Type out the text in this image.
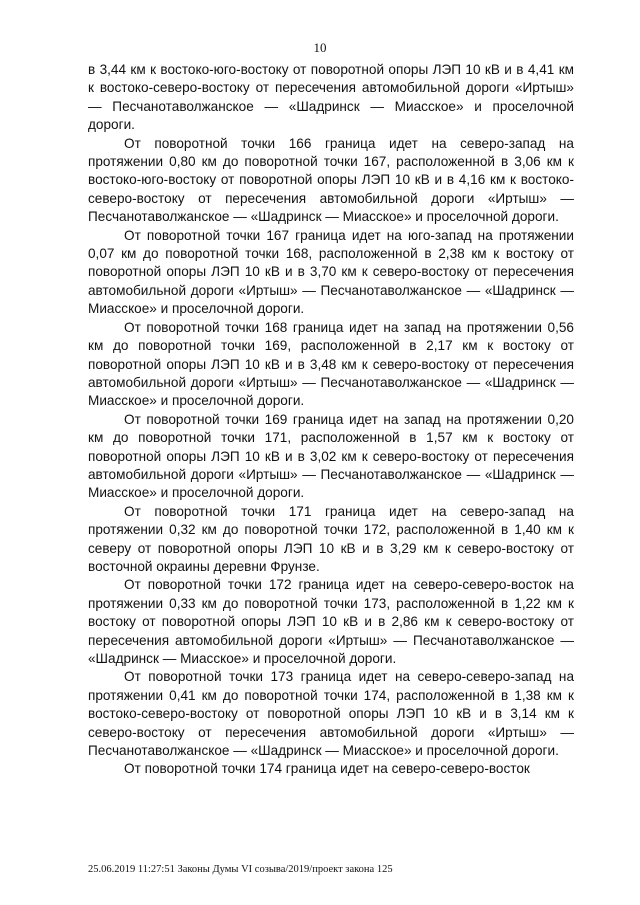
10

в 3,44 км к востоко-юго-востоку от поворотной опоры ЛЭП 10 кВ и в 4,41 км к востоко-северо-востоку от пересечения автомобильной дороги «Иртыш» — Песчанотаволжанское — «Шадринск — Миасское» и проселочной дороги.

От поворотной точки 166 граница идет на северо-запад на протяжении 0,80 км до поворотной точки 167, расположенной в 3,06 км к востоко-юго-востоку от поворотной опоры ЛЭП 10 кВ и в 4,16 км к востоко-северо-востоку от пересечения автомобильной дороги «Иртыш» — Песчанотаволжанское — «Шадринск — Миасское» и проселочной дороги.

От поворотной точки 167 граница идет на юго-запад на протяжении 0,07 км до поворотной точки 168, расположенной в 2,38 км к востоку от поворотной опоры ЛЭП 10 кВ и в 3,70 км к северо-востоку от пересечения автомобильной дороги «Иртыш» — Песчанотаволжанское — «Шадринск — Миасское» и проселочной дороги.

От поворотной точки 168 граница идет на запад на протяжении 0,56 км до поворотной точки 169, расположенной в 2,17 км к востоку от поворотной опоры ЛЭП 10 кВ и в 3,48 км к северо-востоку от пересечения автомобильной дороги «Иртыш» — Песчанотаволжанское — «Шадринск — Миасское» и проселочной дороги.

От поворотной точки 169 граница идет на запад на протяжении 0,20 км до поворотной точки 171, расположенной в 1,57 км к востоку от поворотной опоры ЛЭП 10 кВ и в 3,02 км к северо-востоку от пересечения автомобильной дороги «Иртыш» — Песчанотаволжанское — «Шадринск — Миасское» и проселочной дороги.

От поворотной точки 171 граница идет на северо-запад на протяжении 0,32 км до поворотной точки 172, расположенной в 1,40 км к северу от поворотной опоры ЛЭП 10 кВ и в 3,29 км к северо-востоку от восточной окраины деревни Фрунзе.

От поворотной точки 172 граница идет на северо-северо-восток на протяжении 0,33 км до поворотной точки 173, расположенной в 1,22 км к востоку от поворотной опоры ЛЭП 10 кВ и в 2,86 км к северо-востоку от пересечения автомобильной дороги «Иртыш» — Песчанотаволжанское — «Шадринск — Миасское» и проселочной дороги.

От поворотной точки 173 граница идет на северо-северо-запад на протяжении 0,41 км до поворотной точки 174, расположенной в 1,38 км к востоко-северо-востоку от поворотной опоры ЛЭП 10 кВ и в 3,14 км к северо-востоку от пересечения автомобильной дороги «Иртыш» — Песчанотаволжанское — «Шадринск — Миасское» и проселочной дороги.

От поворотной точки 174 граница идет на северо-северо-восток

25.06.2019 11:27:51 Законы Думы VI созыва/2019/проект закона 125
